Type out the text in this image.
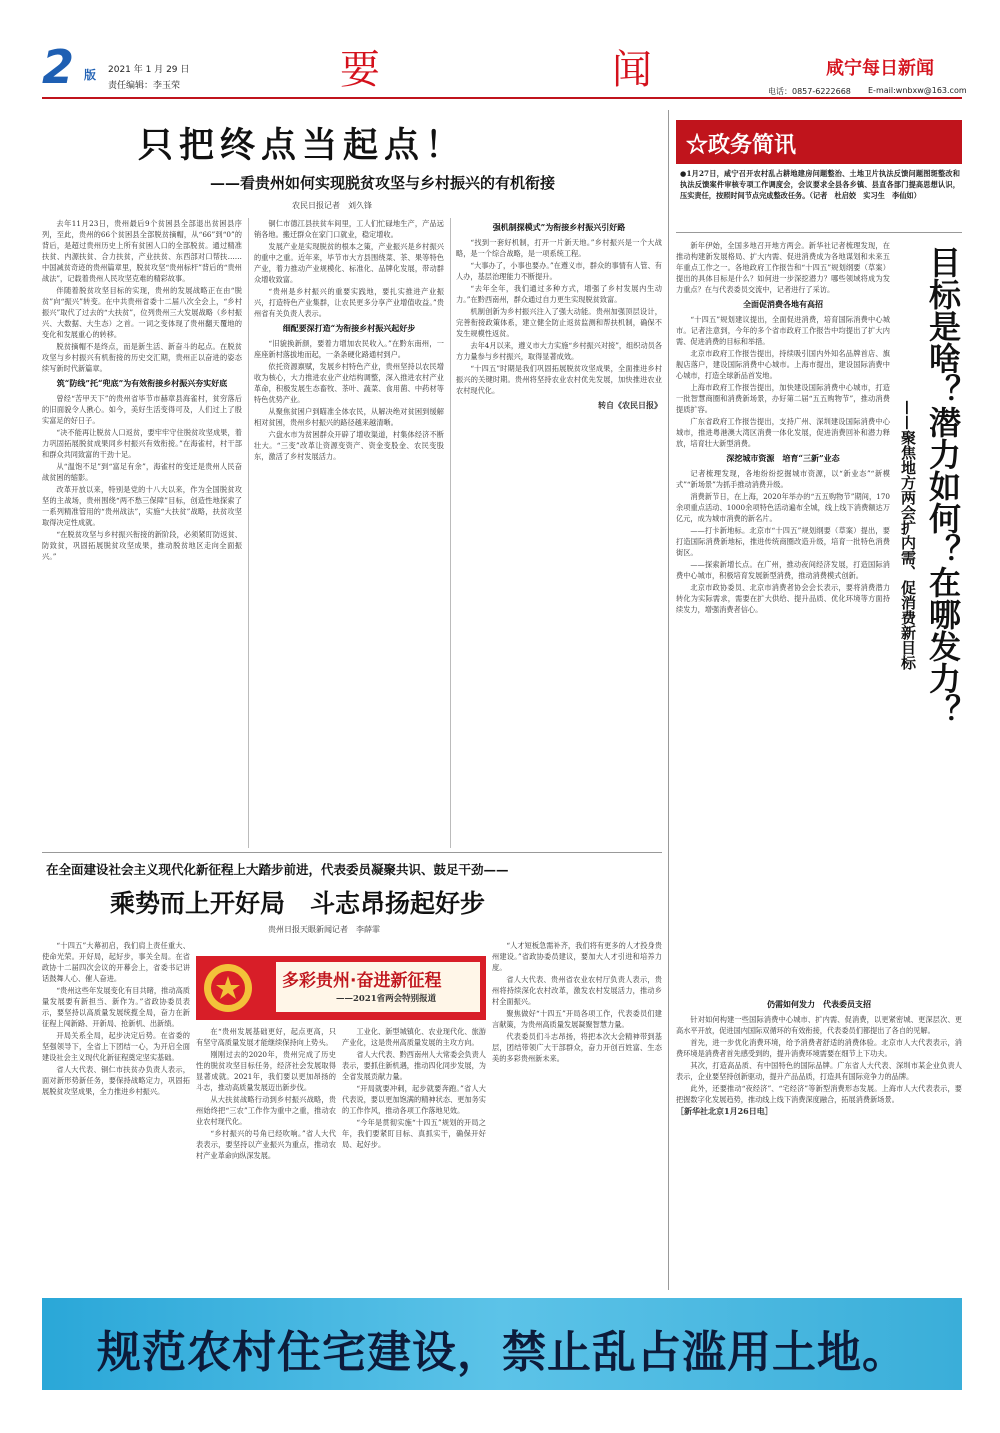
2 版 2021 年 1 月 29 日
责任编辑：李玉荣	要	闻	咸宁每日新闻
电话：0857-6222668 E-mail:wnbxw@163.com
只把终点当起点！
——看贵州如何实现脱贫攻坚与乡村振兴的有机衔接
农民日报记者　刘久锋

去年11月23日，贵州最后9个贫困县全部退出贫困县序列，至此，贵州的66个贫困县全部脱贫摘帽，从“66”到“0”的背后，是超过贵州历史上所有贫困人口的全部脱贫。通过精准扶贫、内源扶贫、合力扶贫，产业扶贫、东西部对口帮扶……中国减贫奇迹的贵州篇章里，脱贫攻坚“贵州标杆”背后的“贵州战法”，记载着贵州人民攻坚克难的精彩故事。

伴随着脱贫攻坚目标的实现，贵州的发展战略正在由“脱贫”向“振兴”转变。在中共贵州省委十二届八次全会上，“乡村振兴”取代了过去的“大扶贫”，位列贵州三大发展战略（乡村振兴、大数据、大生态）之首。一词之变体现了贵州翻天覆地的变化和发展重心的转移。

脱贫摘帽不是终点，而是新生活、新奋斗的起点。在脱贫攻坚与乡村振兴有机衔接的历史交汇期，贵州正以奋进的姿态续写新时代新篇章。

筑“防线”托“兜底”为有效衔接乡村振兴夯实好底

曾经“苦甲天下”的贵州省毕节市赫章县海雀村，贫穷落后的旧面貌令人揪心。如今，美好生活变得可及，人们过上了殷实富足的好日子。

“决不能再让脱贫人口返贫，要牢牢守住脱贫攻坚成果，着力巩固拓展脱贫成果同乡村振兴有效衔接。”在海雀村，村干部和群众共同致富的干劲十足。

从“温饱不足”到“富足有余”，海雀村的变迁是贵州人民奋战贫困的缩影。

改革开放以来，特别是党的十八大以来，作为全国脱贫攻坚的主战场，贵州围绕“两不愁三保障”目标，创造性地探索了一系列精准管用的“贵州战法”，实施“大扶贫”战略，扶贫攻坚取得决定性成就。

“在脱贫攻坚与乡村振兴衔接的新阶段，必须紧盯防返贫、防致贫，巩固拓展脱贫攻坚成果，推动脱贫地区走向全面振兴。”

铜仁市德江县扶贫车间里，工人们忙碌地生产，产品远销各地。搬迁群众在家门口就业，稳定增收。

发展产业是实现脱贫的根本之策，产业振兴是乡村振兴的重中之重。近年来，毕节市大方县围绕菜、茶、果等特色产业，着力推动产业规模化、标准化、品牌化发展，带动群众增收致富。

“贵州是乡村振兴的重要实践地，要扎实推进产业振兴，打造特色产业集群，让农民更多分享产业增值收益。”贵州省有关负责人表示。

细配要深打造“为衔接乡村振兴起好步

“旧貌换新颜，要着力增加农民收入。”在黔东南州，一座座新村落拔地而起，一条条硬化路通村到户。

依托资源禀赋，发展乡村特色产业，贵州坚持以农民增收为核心，大力推进农业产业结构调整，深入推进农村产业革命，积极发展生态畜牧、茶叶、蔬菜、食用菌、中药材等特色优势产业。

从聚焦贫困户到瞄准全体农民，从解决绝对贫困到缓解相对贫困，贵州乡村振兴的路径越来越清晰。

六盘水市为贫困群众开辟了增收渠道，村集体经济不断壮大。“三变”改革让资源变资产、资金变股金、农民变股东，激活了乡村发展活力。

强机制探模式”为衔接乡村振兴引好路

“找到一套好机制，打开一片新天地。”乡村振兴是一个大战略，是一个综合战略，是一项系统工程。

“大事办了，小事也要办。”在遵义市，群众的事情有人管、有人办，基层治理能力不断提升。

“去年全年，我们通过多种方式，增强了乡村发展内生动力。”在黔西南州，群众通过自力更生实现脱贫致富。

机制创新为乡村振兴注入了强大动能。贵州加强顶层设计，完善衔接政策体系，建立健全防止返贫监测和帮扶机制，确保不发生规模性返贫。

去年4月以来，遵义市大力实施“乡村振兴对接”，组织动员各方力量参与乡村振兴，取得显著成效。

“十四五”时期是我们巩固拓展脱贫攻坚成果，全面推进乡村振兴的关键时期。贵州将坚持农业农村优先发展，加快推进农业农村现代化。

转自《农民日报》
☆政务简讯
●1月27日，咸宁召开农村乱占耕地建房问题整治、土地卫片执法反馈问题图斑整改和执法反馈案件审核专项工作调度会，会议要求全县各乡镇、县直各部门提高思想认识，压实责任，按照时间节点完成整改任务。（记者　杜启姣　实习生　李仙如）

新年伊始，全国多地召开地方两会。新华社记者梳理发现，在推动构建新发展格局、扩大内需、促进消费成为各地谋划和未来五年重点工作之一。各地政府工作报告和“十四五”规划纲要（草案）提出的具体目标是什么？如何进一步深挖潜力？哪些领域将成为发力重点？在与代表委员交流中，记者进行了采访。

全面促消费各地有高招

“十四五”规划建议提出，全面促进消费，培育国际消费中心城市。记者注意到，今年的多个省市政府工作报告中均提出了扩大内需、促进消费的目标和举措。

北京市政府工作报告提出，持续吸引国内外知名品牌首店、旗舰店落户，建设国际消费中心城市。上海市提出，建设国际消费中心城市，打造全球新品首发地。

上海市政府工作报告提出，加快建设国际消费中心城市，打造一批智慧商圈和消费新场景，办好第二届“五五购物节”，推动消费提质扩容。

广东省政府工作报告提出，支持广州、深圳建设国际消费中心城市，推进粤港澳大湾区消费一体化发展，促进消费回补和潜力释放，培育壮大新型消费。

深挖城市资源　培育“三新”业态

记者梳理发现，各地纷纷挖掘城市资源，以“新业态”“新模式”“新场景”为抓手推动消费升级。

消费新节日，在上海，2020年举办的“五五购物节”期间，170余项重点活动、1000余项特色活动遍布全城，线上线下消费额达万亿元，成为城市消费的新名片。

——打卡新地标。北京市“十四五”规划纲要（草案）提出，要打造国际消费新地标，推进传统商圈改造升级，培育一批特色消费街区。

——探索新增长点。在广州，推动夜间经济发展，打造国际消费中心城市，积极培育发展新型消费，推动消费模式创新。

北京市政协委员、北京市消费者协会会长表示，要将消费潜力转化为实际需求，需要在扩大供给、提升品质、优化环境等方面持续发力，增强消费者信心。	目标是啥？潜力如何？在哪发力？
——聚焦地方两会扩内需、促消费新目标
仍需如何发力　代表委员支招

针对如何构建一些国际消费中心城市、扩内需、促消费，以更紧密城、更深层次、更高水平开放，促进国内国际双循环的有效衔接，代表委员们都提出了各自的见解。

首先，进一步优化消费环境，给予消费者舒适的消费体验。北京市人大代表表示，消费环境是消费者首先感受到的，提升消费环境需要在细节上下功夫。

其次，打造高品质、有中国特色的国际品牌。广东省人大代表、深圳市某企业负责人表示，企业要坚持创新驱动，提升产品品质，打造具有国际竞争力的品牌。

此外，还要推动“夜经济”、“宅经济”等新型消费形态发展。上海市人大代表表示，要把握数字化发展趋势，推动线上线下消费深度融合，拓展消费新场景。

［新华社北京1月26日电］
在全面建设社会主义现代化新征程上大踏步前进，代表委员凝聚共识、鼓足干劲——
乘势而上开好局　斗志昂扬起好步
贵州日报天眼新闻记者　李薛霏

“十四五”大幕初启，我们肩上责任重大、使命光荣。开好局，起好步，事关全局。在省政协十二届四次会议的开幕会上，省委书记讲话鼓舞人心、催人奋进。

“贵州这些年发展变化有目共睹，推动高质量发展要有新担当、新作为。”省政协委员表示，要坚持以高质量发展统揽全局，奋力在新征程上闯新路、开新局、抢新机、出新绩。

开局关系全局，起步决定后势。在省委的坚强领导下，全省上下团结一心，为开启全面建设社会主义现代化新征程奠定坚实基础。

省人大代表、铜仁市扶贫办负责人表示，面对新形势新任务，要保持战略定力，巩固拓展脱贫攻坚成果，全力推进乡村振兴。

多彩贵州·奋进新征程
——2021省两会特别报道

在“贵州发展基础更好，起点更高，只有坚守高质量发展才能继续保持向上势头。

刚刚过去的2020年，贵州完成了历史性的脱贫攻坚目标任务，经济社会发展取得显著成就。2021年，我们要以更加昂扬的斗志，推动高质量发展迈出新步伐。

从大扶贫战略行动到乡村振兴战略，贵州始终把“三农”工作作为重中之重，推动农业农村现代化。

“乡村振兴的号角已经吹响。”省人大代表表示，要坚持以产业振兴为重点，推动农村产业革命向纵深发展。

工业化、新型城镇化、农业现代化、旅游产业化，这是贵州高质量发展的主攻方向。

省人大代表、黔西南州人大常委会负责人表示，要抓住新机遇，推动四化同步发展，为全省发展贡献力量。

“开局就要冲刺，起步就要奔跑。”省人大代表说，要以更加饱满的精神状态、更加务实的工作作风，推动各项工作落地见效。

“今年是贯彻实施“十四五”规划的开局之年，我们要紧盯目标、真抓实干，确保开好局、起好步。

“人才短板急需补齐，我们将有更多的人才投身贵州建设。”省政协委员建议，要加大人才引进和培养力度。

省人大代表、贵州省农业农村厅负责人表示，贵州将持续深化农村改革，激发农村发展活力，推动乡村全面振兴。

聚焦做好“十四五”开局各项工作，代表委员们建言献策，为贵州高质量发展凝聚智慧力量。

代表委员们斗志昂扬，将把本次大会精神带到基层，团结带领广大干部群众，奋力开创百姓富、生态美的多彩贵州新未来。

规范农村住宅建设，禁止乱占滥用土地。
